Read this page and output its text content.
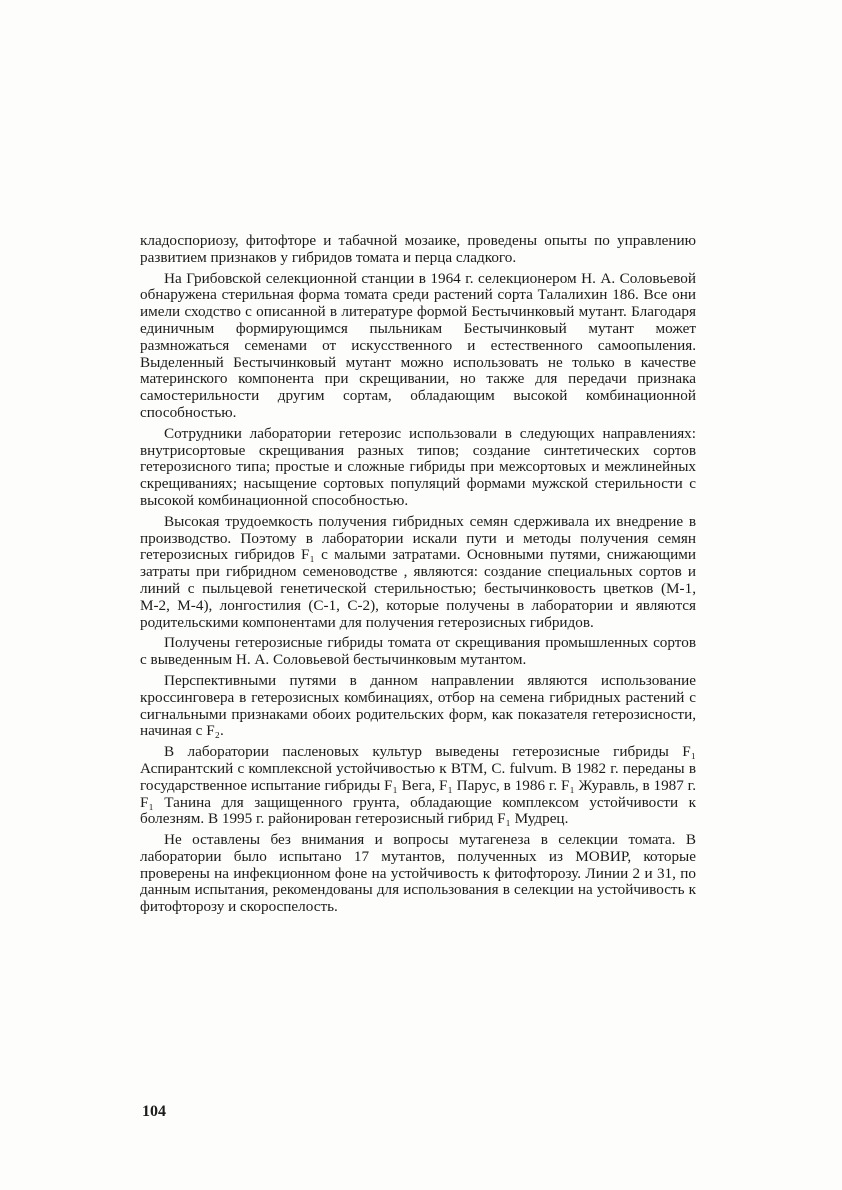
кладоспориозу, фитофторе и табачной мозаике, проведены опыты по управлению развитием признаков у гибридов томата и перца сладкого.

На Грибовской селекционной станции в 1964 г. селекционером Н. А. Соловьевой обнаружена стерильная форма томата среди растений сорта Талалихин 186. Все они имели сходство с описанной в литературе формой Бестычинковый мутант. Благодаря единичным формирующимся пыльникам Бестычинковый мутант может размножаться семенами от искусственного и естественного самоопыления. Выделенный Бестычинковый мутант можно использовать не только в качестве материнского компонента при скрещивании, но также для передачи признака самостерильности другим сортам, обладающим высокой комбинационной способностью.

Сотрудники лаборатории гетерозис использовали в следующих направлениях: внутрисортовые скрещивания разных типов; создание синтетических сортов гетерозисного типа; простые и сложные гибриды при межсортовых и межлинейных скрещиваниях; насыщение сортовых популяций формами мужской стерильности с высокой комбинационной способностью.

Высокая трудоемкость получения гибридных семян сдерживала их внедрение в производство. Поэтому в лаборатории искали пути и методы получения семян гетерозисных гибридов F₁ с малыми затратами. Основными путями, снижающими затраты при гибридном семеноводстве , являются: создание специальных сортов и линий с пыльцевой генетической стерильностью; бестычинковость цветков (М-1, М-2, М-4), лонгостилия (С-1, С-2), которые получены в лаборатории и являются родительскими компонентами для получения гетерозисных гибридов.

Получены гетерозисные гибриды томата от скрещивания промышленных сортов с выведенным Н. А. Соловьевой бестычинковым мутантом.

Перспективными путями в данном направлении являются использование кроссинговера в гетерозисных комбинациях, отбор на семена гибридных растений с сигнальными признаками обоих родительских форм, как показателя гетерозисности, начиная с F₂.

В лаборатории пасленовых культур выведены гетерозисные гибриды F₁ Аспирантский с комплексной устойчивостью к ВТМ, C. fulvum. В 1982 г. переданы в государственное испытание гибриды F₁ Вега, F₁ Парус, в 1986 г. F₁ Журавль, в 1987 г. F₁ Танина для защищенного грунта, обладающие комплексом устойчивости к болезням. В 1995 г. районирован гетерозисный гибрид F₁ Мудрец.

Не оставлены без внимания и вопросы мутагенеза в селекции томата. В лаборатории было испытано 17 мутантов, полученных из МОВИР, которые проверены на инфекционном фоне на устойчивость к фитофторозу. Линии 2 и 31, по данным испытания, рекомендованы для использования в селекции на устойчивость к фитофторозу и скороспелость.

104
